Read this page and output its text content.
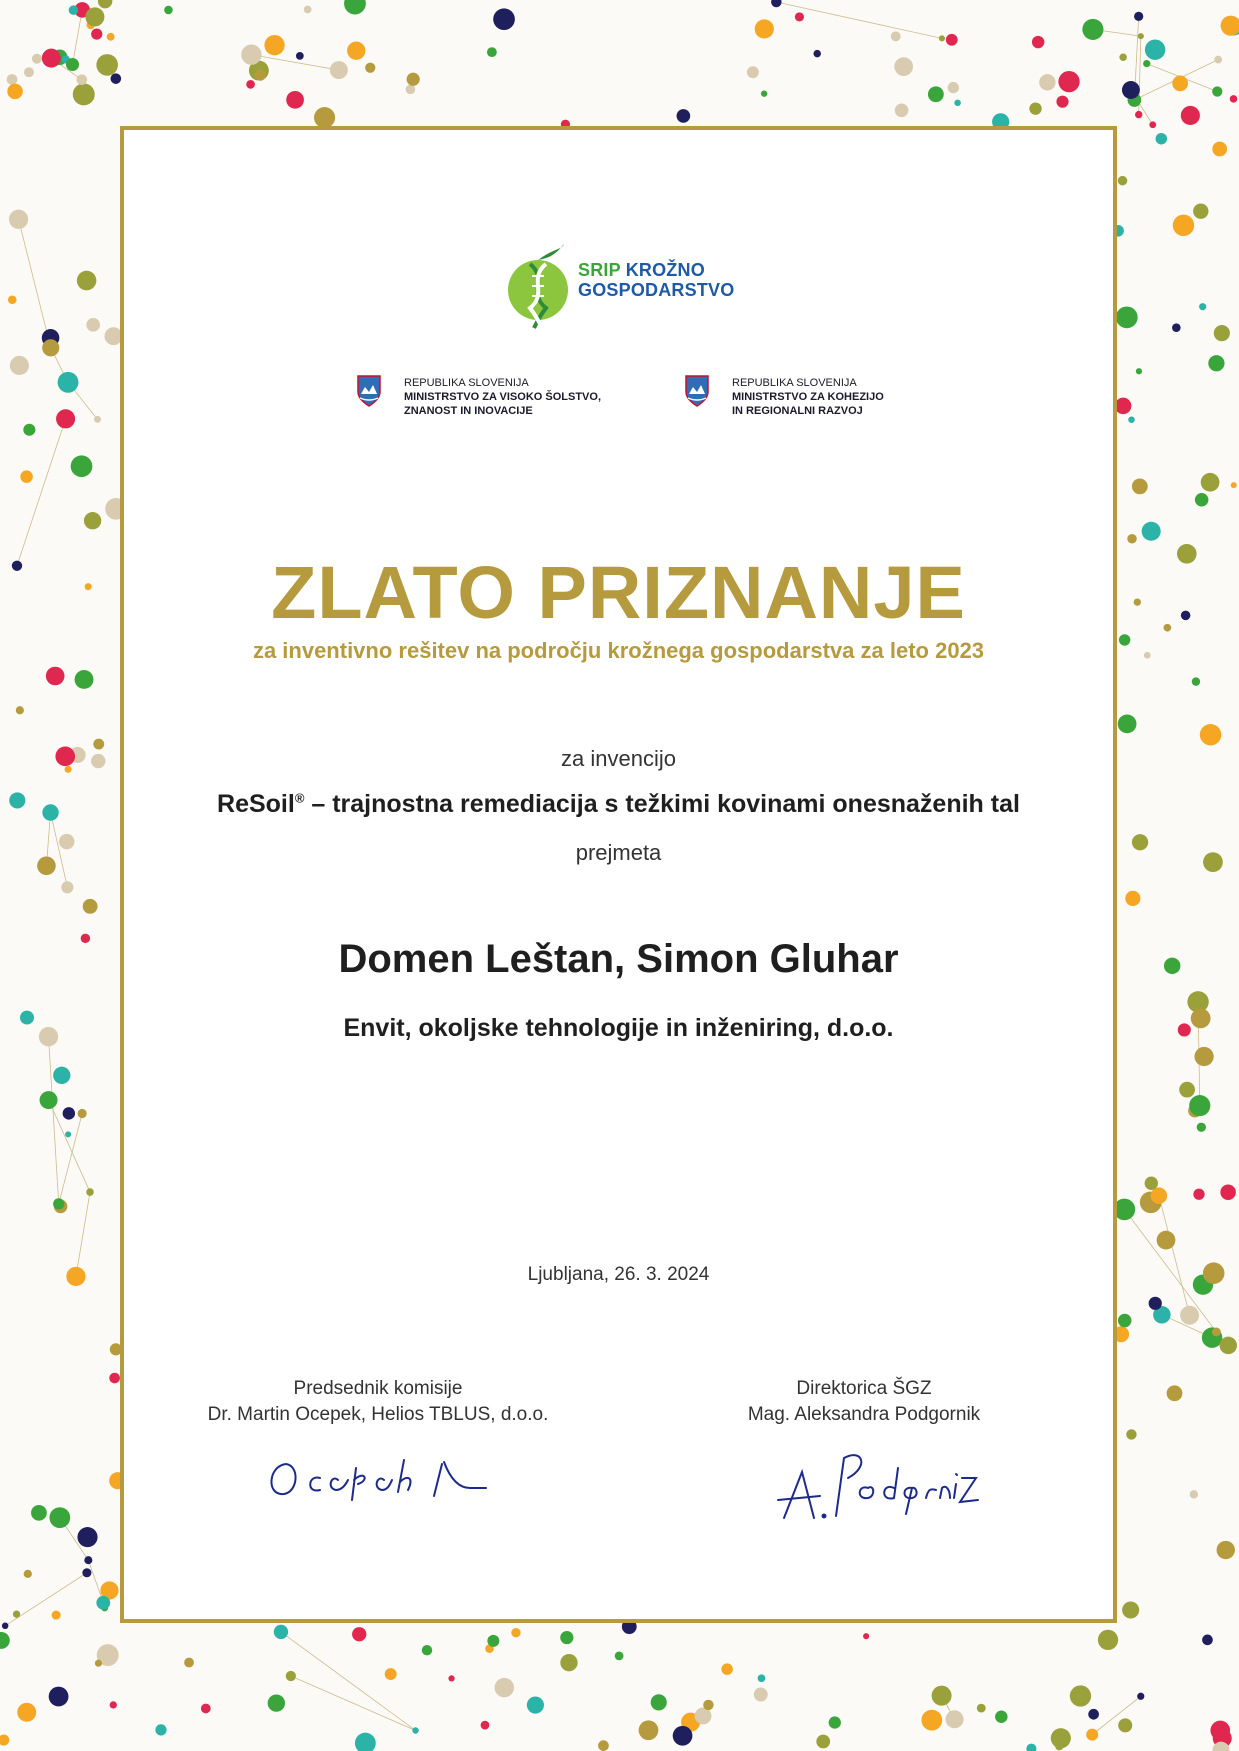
SRIP KROŽNO
GOSPODARSTVO
REPUBLIKA SLOVENIJA
MINISTRSTVO ZA VISOKO ŠOLSTVO,
ZNANOST IN INOVACIJE
REPUBLIKA SLOVENIJA
MINISTRSTVO ZA KOHEZIJO
IN REGIONALNI RAZVOJ
ZLATO PRIZNANJE
za inventivno rešitev na področju krožnega gospodarstva za leto 2023
za invencijo
ReSoil® – trajnostna remediacija s težkimi kovinami onesnaženih tal
prejmeta
Domen Leštan, Simon Gluhar
Envit, okoljske tehnologije in inženiring, d.o.o.
Ljubljana, 26. 3. 2024
Predsednik komisije
Dr. Martin Ocepek, Helios TBLUS, d.o.o.
Direktorica ŠGZ
Mag. Aleksandra Podgornik
